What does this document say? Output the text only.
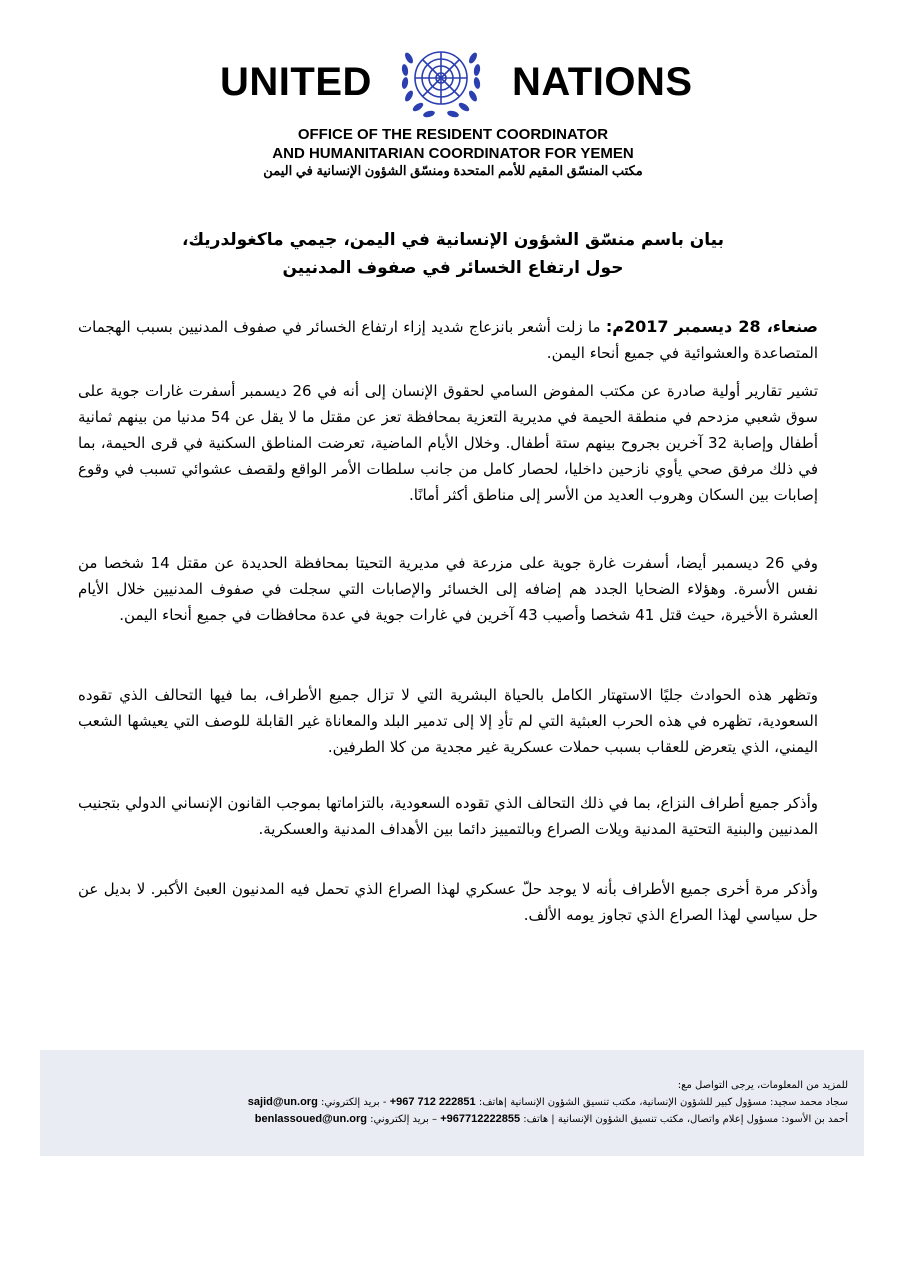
UNITED	NATIONS
OFFICE OF THE RESIDENT COORDINATOR
AND HUMANITARIAN COORDINATOR FOR YEMEN
مكتب المنسّق المقيم للأمم المتحدة ومنسّق الشؤون الإنسانية في اليمن
بيان باسم منسّق الشؤون الإنسانية في اليمن، جيمي ماكغولدريك،
حول ارتفاع الخسائر في صفوف المدنيين
صنعاء، 28 ديسمبر 2017م: ما زلت أشعر بانزعاج شديد إزاء ارتفاع الخسائر في صفوف المدنيين بسبب الهجمات المتصاعدة والعشوائية في جميع أنحاء اليمن.
تشير تقارير أولية صادرة عن مكتب المفوض السامي لحقوق الإنسان إلى أنه في 26 ديسمبر أسفرت غارات جوية على سوق شعبي مزدحم في منطقة الحيمة في مديرية التعزية بمحافظة تعز عن مقتل ما لا يقل عن 54 مدنيا من بينهم ثمانية أطفال وإصابة 32 آخرين بجروح بينهم ستة أطفال. وخلال الأيام الماضية، تعرضت المناطق السكنية في قرى الحيمة، بما في ذلك مرفق صحي يأوي نازحين داخليا، لحصار كامل من جانب سلطات الأمر الواقع ولقصف عشوائي تسبب في وقوع إصابات بين السكان وهروب العديد من الأسر إلى مناطق أكثر أمانًا.
وفي 26 ديسمبر أيضا، أسفرت غارة جوية على مزرعة في مديرية التحيتا بمحافظة الحديدة عن مقتل 14 شخصا من نفس الأسرة. وهؤلاء الضحايا الجدد هم إضافه إلى الخسائر والإصابات التي سجلت في صفوف المدنيين خلال الأيام العشرة الأخيرة، حيث قتل 41 شخصا وأصيب 43 آخرين في غارات جوية في عدة محافظات في جميع أنحاء اليمن.
وتظهر هذه الحوادث جليًا الاستهتار الكامل بالحياة البشرية التي لا تزال جميع الأطراف، بما فيها التحالف الذي تقوده السعودية، تظهره في هذه الحرب العبثية التي لم تأدِ إلا إلى تدمير البلد والمعاناة غير القابلة للوصف التي يعيشها الشعب اليمني، الذي يتعرض للعقاب بسبب حملات عسكرية غير مجدية من كلا الطرفين.
وأذكر جميع أطراف النزاع، بما في ذلك التحالف الذي تقوده السعودية، بالتزاماتها بموجب القانون الإنساني الدولي بتجنيب المدنيين والبنية التحتية المدنية ويلات الصراع وبالتمييز دائما بين الأهداف المدنية والعسكرية.
وأذكر مرة أخرى جميع الأطراف بأنه لا يوجد حلّ عسكري لهذا الصراع الذي تحمل فيه المدنيون العبئ الأكبر. لا بديل عن حل سياسي لهذا الصراع الذي تجاوز يومه الألف.
للمزيد من المعلومات، يرجى التواصل مع:
سجاد محمد سجيد: مسؤول كبير للشؤون الإنسانية، مكتب تنسيق الشؤون الإنسانية |هاتف: +967 712 222851 - بريد إلكتروني: sajid@un.org
أحمد بن الأسود: مسؤول إعلام واتصال، مكتب تنسيق الشؤون الإنسانية | هاتف: +967712222855 – بريد إلكتروني: benlassoued@un.org
